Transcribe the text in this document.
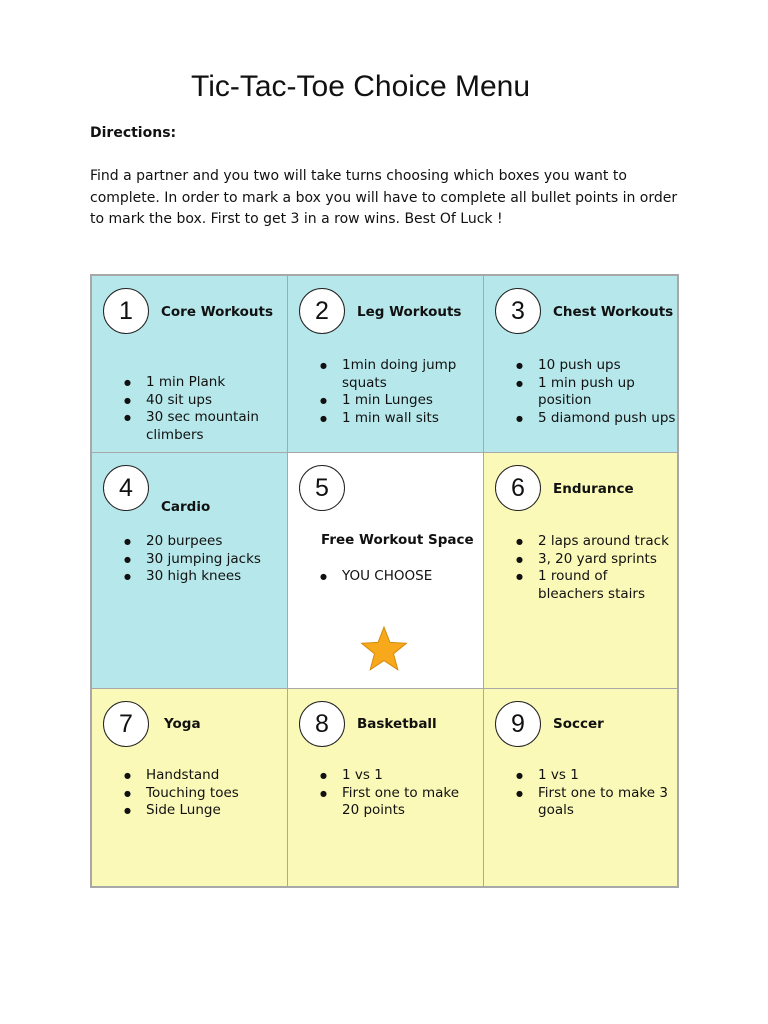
Tic-Tac-Toe Choice Menu
Directions:
Find a partner and you two will take turns choosing which boxes you want to complete. In order to mark a box you will have to complete all bullet points in order to mark the box. First to get 3 in a row wins. Best Of Luck !
1	Core Workouts
● 1 min Plank
● 40 sit ups
● 30 sec mountain climbers
2	Leg Workouts
● 1min doing jump squats
● 1 min Lunges
● 1 min wall sits
3	Chest Workouts
● 10 push ups
● 1 min push up position
● 5 diamond push ups
4
Cardio
● 20 burpees
● 30 jumping jacks
● 30 high knees
5
Free Workout Space
● YOU CHOOSE
6	Endurance
● 2 laps around track
● 3, 20 yard sprints
● 1 round of bleachers stairs
7	Yoga
● Handstand
● Touching toes
● Side Lunge
8	Basketball
● 1 vs 1
● First one to make 20 points
9	Soccer
● 1 vs 1
● First one to make 3 goals
